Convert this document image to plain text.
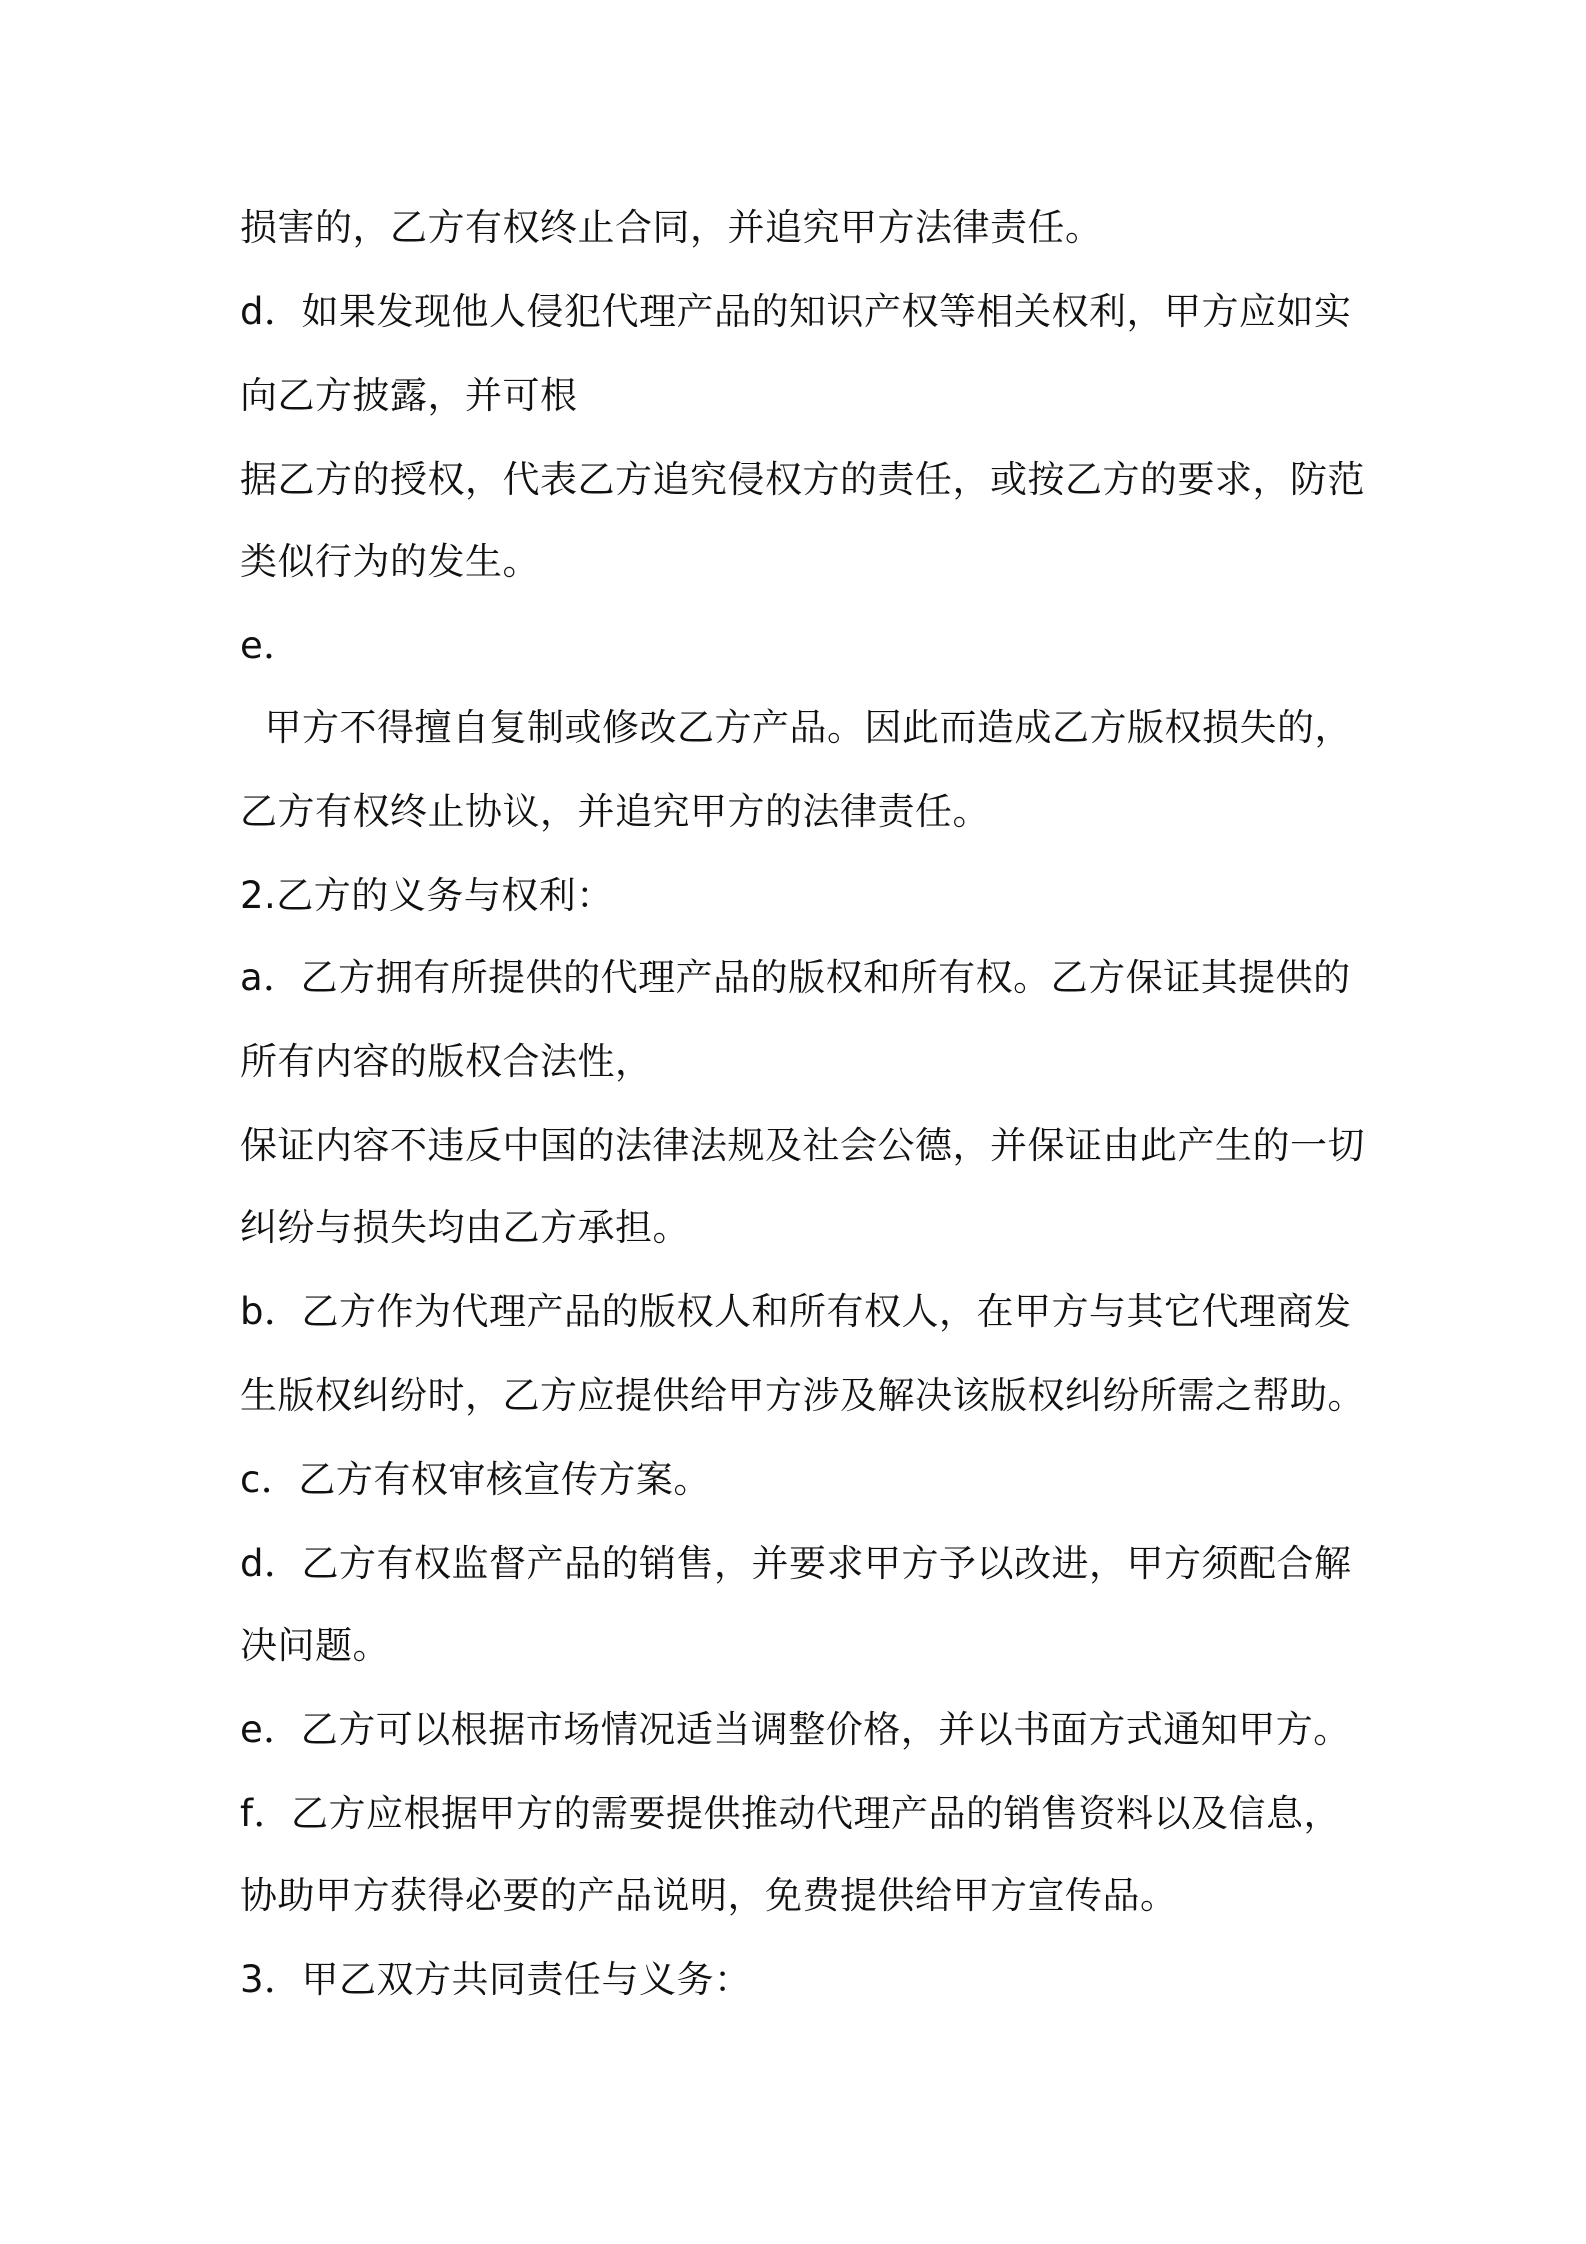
损害的，乙方有权终止合同，并追究甲方法律责任。
d．如果发现他人侵犯代理产品的知识产权等相关权利，甲方应如实
向乙方披露，并可根
据乙方的授权，代表乙方追究侵权方的责任，或按乙方的要求，防范
类似行为的发生。
e．
甲方不得擅自复制或修改乙方产品。因此而造成乙方版权损失的，
乙方有权终止协议，并追究甲方的法律责任。
2.乙方的义务与权利：
a．乙方拥有所提供的代理产品的版权和所有权。乙方保证其提供的
所有内容的版权合法性，
保证内容不违反中国的法律法规及社会公德，并保证由此产生的一切
纠纷与损失均由乙方承担。
b．乙方作为代理产品的版权人和所有权人，在甲方与其它代理商发
生版权纠纷时，乙方应提供给甲方涉及解决该版权纠纷所需之帮助。
c．乙方有权审核宣传方案。
d．乙方有权监督产品的销售，并要求甲方予以改进，甲方须配合解
决问题。
e．乙方可以根据市场情况适当调整价格，并以书面方式通知甲方。
f．乙方应根据甲方的需要提供推动代理产品的销售资料以及信息，
协助甲方获得必要的产品说明，免费提供给甲方宣传品。
3．甲乙双方共同责任与义务：
